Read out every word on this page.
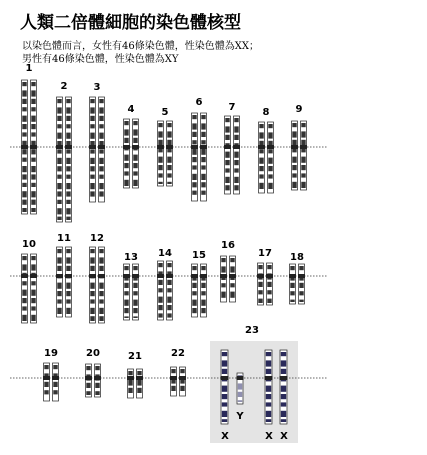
人類二倍體細胞的染色體核型
以染色體而言，女性有46條染色體，性染色體為XX；
男性有46條染色體，性染色體為XY
1
2	3
4	5
6	7	8	9
10
11 12
13 14 15
16
17 18
19	20	21	22
23
X
Y
X X
